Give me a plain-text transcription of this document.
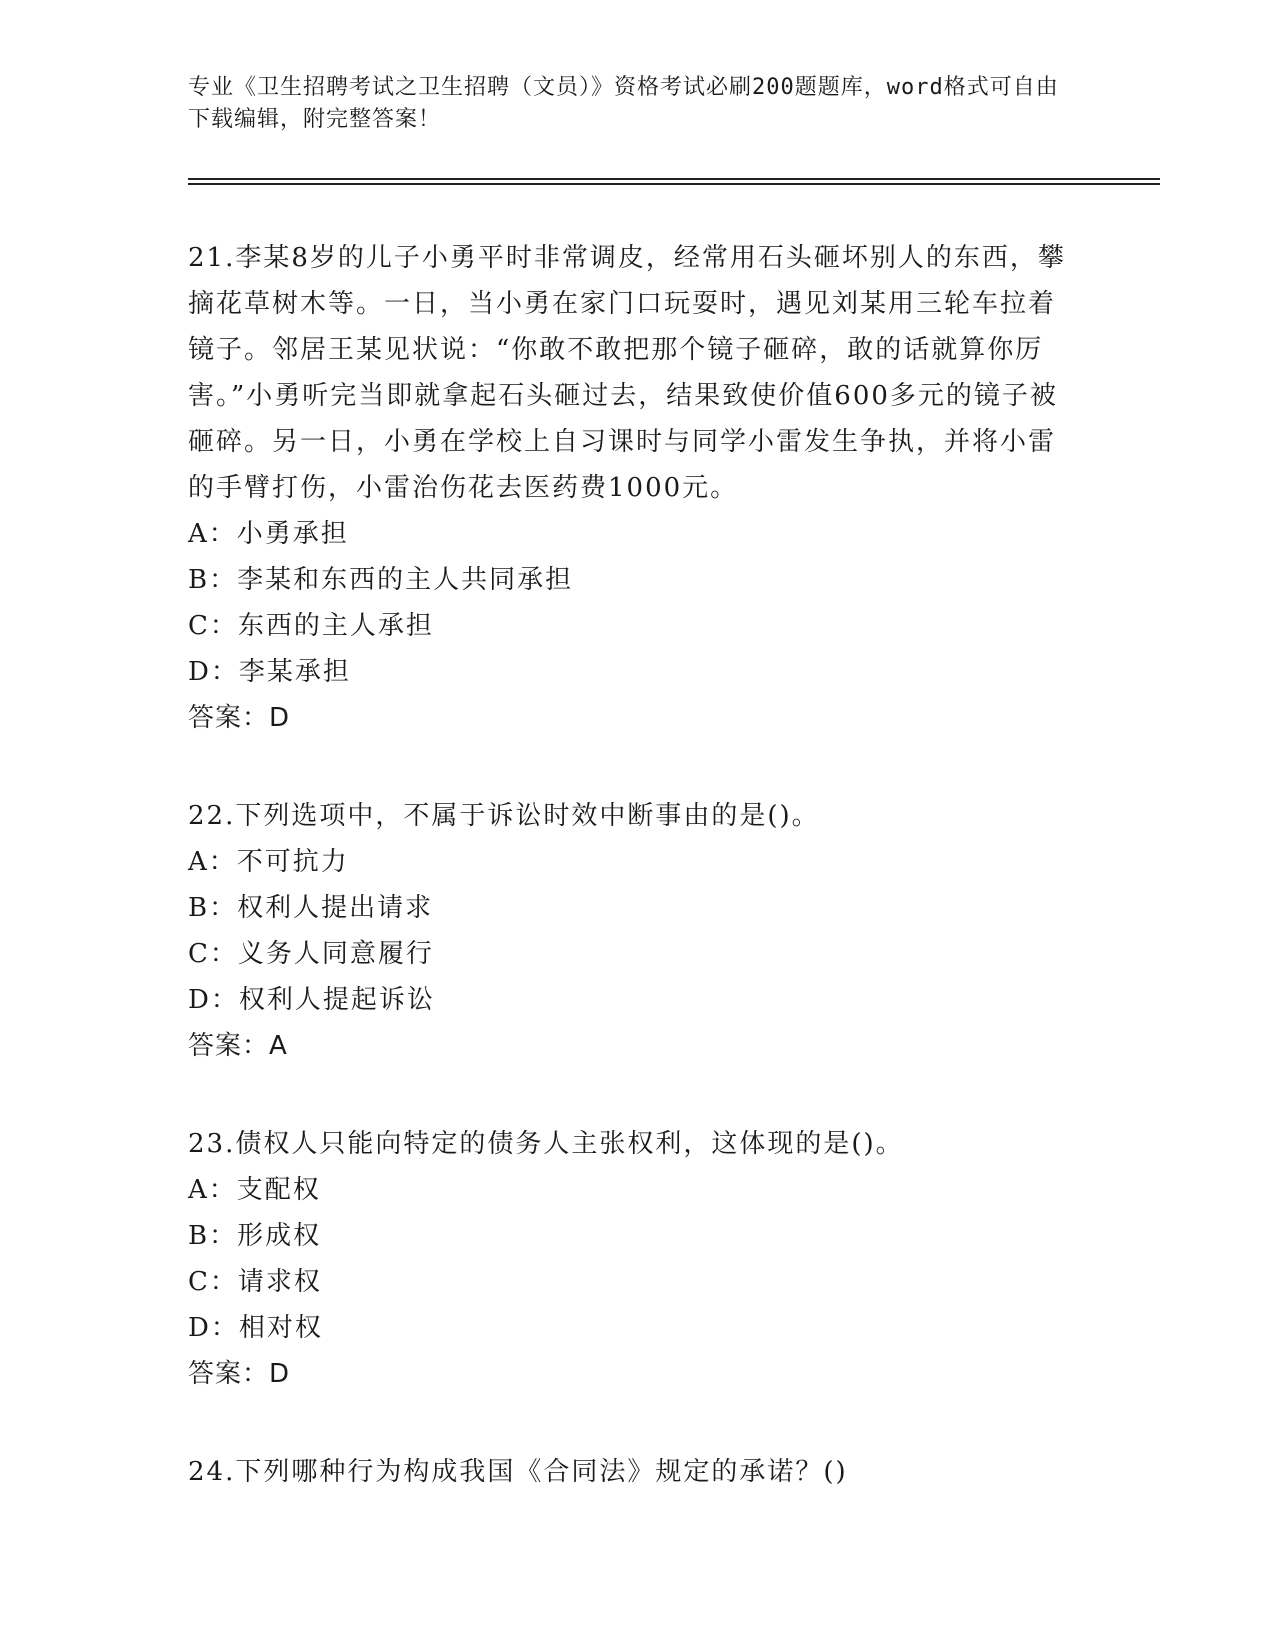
专业《卫生招聘考试之卫生招聘（文员）》资格考试必刷200题题库，word格式可自由下载编辑，附完整答案！

21.李某8岁的儿子小勇平时非常调皮，经常用石头砸坏别人的东西，攀摘花草树木等。一日，当小勇在家门口玩耍时，遇见刘某用三轮车拉着镜子。邻居王某见状说：“你敢不敢把那个镜子砸碎，敢的话就算你厉害。”小勇听完当即就拿起石头砸过去，结果致使价值600多元的镜子被砸碎。另一日，小勇在学校上自习课时与同学小雷发生争执，并将小雷的手臂打伤，小雷治伤花去医药费1000元。

A：小勇承担

B：李某和东西的主人共同承担

C：东西的主人承担

D：李某承担

答案：D

22.下列选项中，不属于诉讼时效中断事由的是()。

A：不可抗力

B：权利人提出请求

C：义务人同意履行

D：权利人提起诉讼

答案：A

23.债权人只能向特定的债务人主张权利，这体现的是()。

A：支配权

B：形成权

C：请求权

D：相对权

答案：D

24.下列哪种行为构成我国《合同法》规定的承诺？()
